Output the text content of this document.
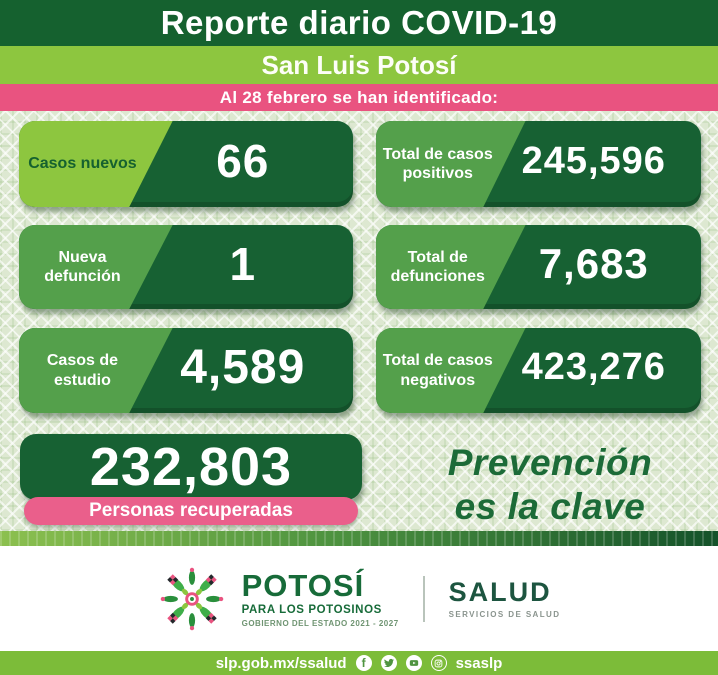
Reporte diario COVID-19
San Luis Potosí
Al 28 febrero se han identificado:
Casos nuevos	66	Total de casos positivos	245,596
Nueva defunción	1	Total de defunciones	7,683
Casos de estudio	4,589	Total de casos negativos	423,276
232,803
Personas recuperadas
Prevención
es la clave
POTOSÍ
PARA LOS POTOSINOS
GOBIERNO DEL ESTADO 2021 - 2027
SALUD
SERVICIOS DE SALUD
slp.gob.mx/ssalud f	ssaslp
